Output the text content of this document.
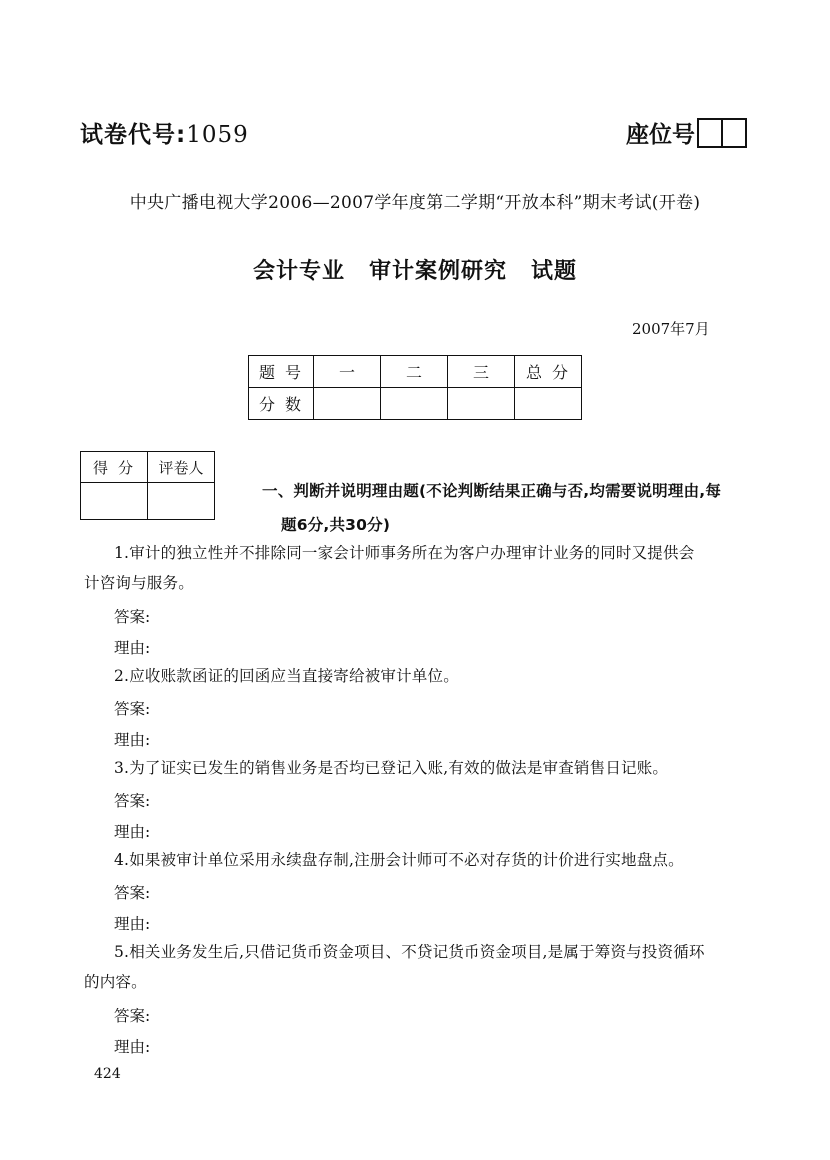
试卷代号:1059	座位号
中央广播电视大学2006—2007学年度第二学期“开放本科”期末考试(开卷)
会计专业 审计案例研究 试题
2007年7月
题号	一	二	三	总分
分数				
得分	评卷人

一、判断并说明理由题(不论判断结果正确与否,均需要说明理由,每
题6分,共30分)
1.审计的独立性并不排除同一家会计师事务所在为客户办理审计业务的同时又提供会
计咨询与服务。
答案:
理由:
2.应收账款函证的回函应当直接寄给被审计单位。
答案:
理由:
3.为了证实已发生的销售业务是否均已登记入账,有效的做法是审查销售日记账。
答案:
理由:
4.如果被审计单位采用永续盘存制,注册会计师可不必对存货的计价进行实地盘点。
答案:
理由:
5.相关业务发生后,只借记货币资金项目、不贷记货币资金项目,是属于筹资与投资循环
的内容。
答案:
理由:
424
